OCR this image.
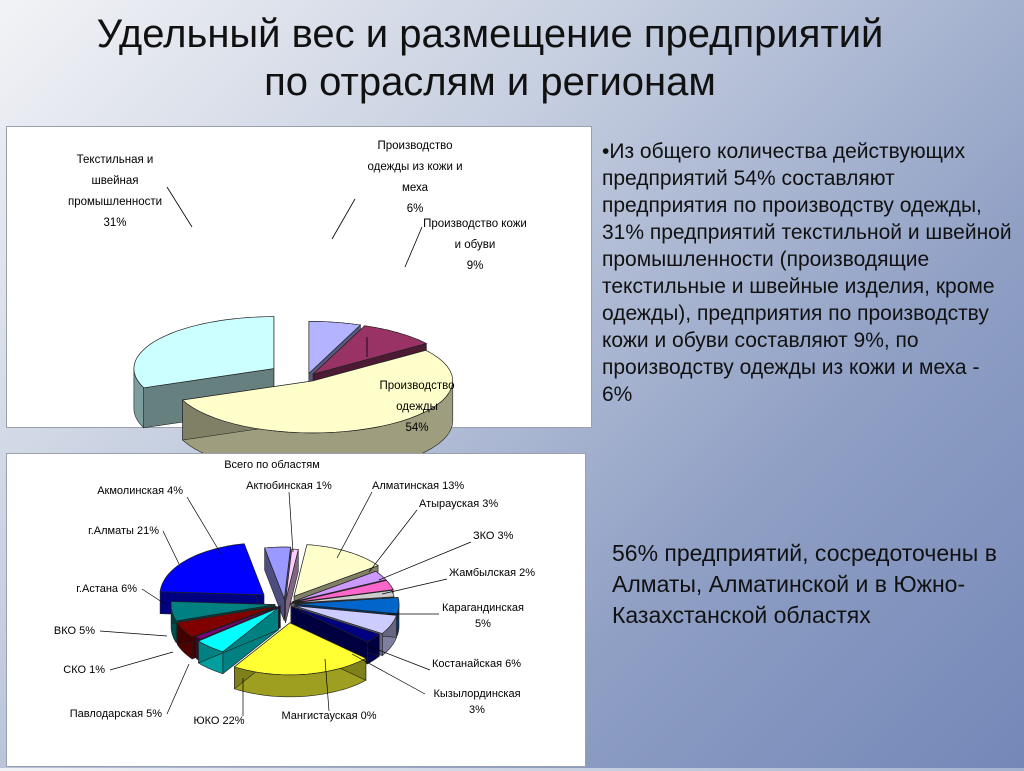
Удельный вес и размещение предприятий
по отраслям и регионам
Производство одежды из кожи и меха 6%
Производство кожи и обуви 9%
Производство одежды 54%
Текстильная и швейная промышленности 31%
Всего по областям
Актюбинская 1%	Алматинская 13%
Атырауская 3%
ЗКО 3%
Жамбылская 2%
Карагандинская 5%
Костанайская 6%
Кызылординская 3%
Мангистауская 0%
ЮКО 22%
Павлодарская 5%
СКО 1%
ВКО 5%
г.Астана 6%
г.Алматы 21%
Акмолинская 4%
•Из общего количества действующих предприятий 54% составляют предприятия по производству одежды, 31% предприятий текстильной и швейной промышленности (производящие текстильные и швейные изделия, кроме одежды), предприятия по производству кожи и обуви составляют 9%, по производству одежды из кожи и меха - 6%
56% предприятий, сосредоточены в Алматы, Алматинской и в Южно-Казахстанской областях
